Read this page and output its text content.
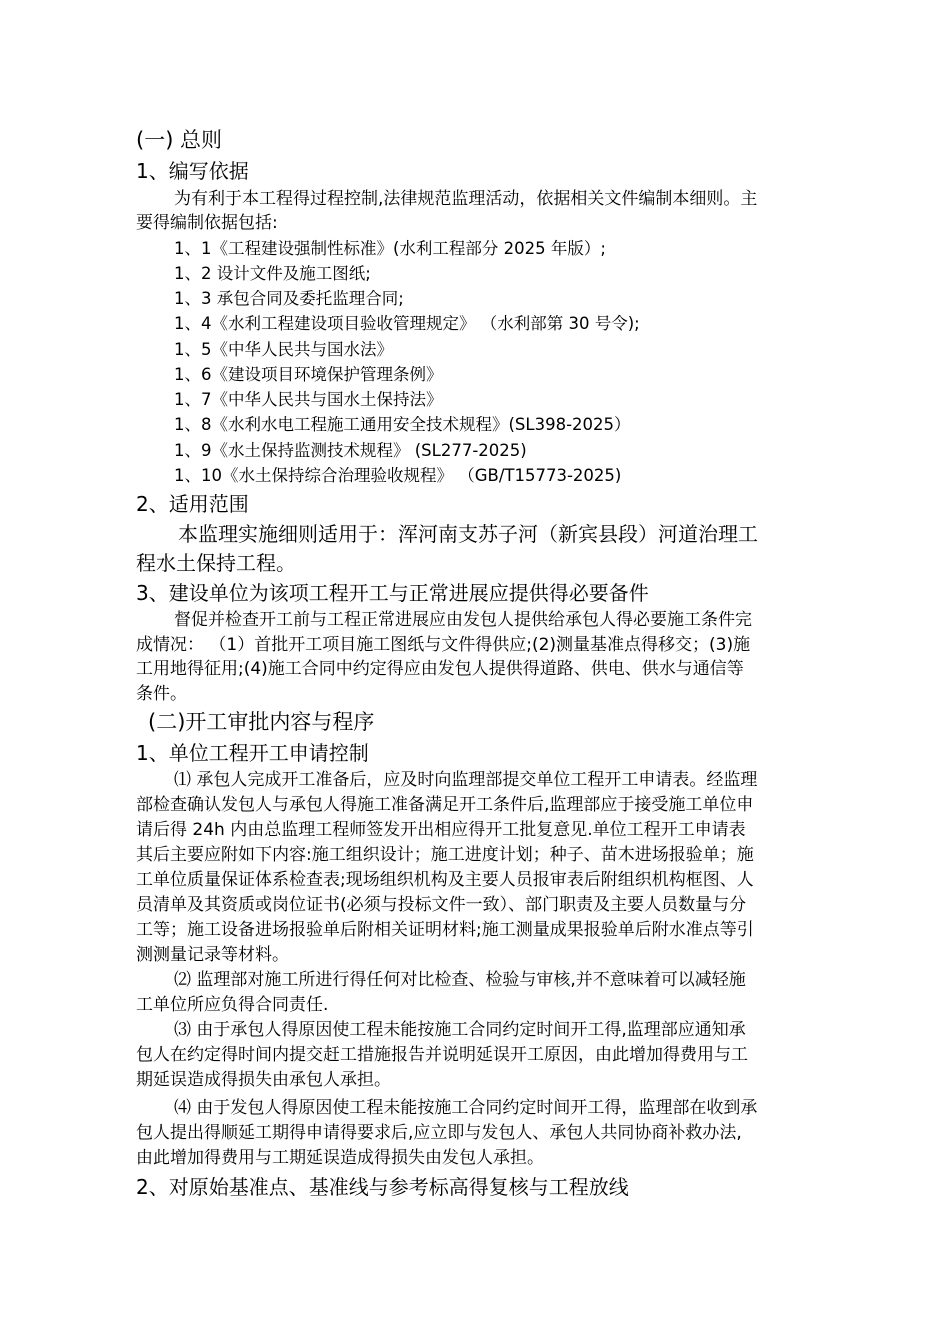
(一) 总则
1、编写依据
为有利于本工程得过程控制,法律规范监理活动，依据相关文件编制本细则。主
要得编制依据包括:
1、1《工程建设强制性标准》(水利工程部分 2025 年版）;
1、2 设计文件及施工图纸;
1、3 承包合同及委托监理合同;
1、4《水利工程建设项目验收管理规定》 （水利部第 30 号令);
1、5《中华人民共与国水法》
1、6《建设项目环境保护管理条例》
1、7《中华人民共与国水土保持法》
1、8《水利水电工程施工通用安全技术规程》(SL398-2025）
1、9《水土保持监测技术规程》 (SL277-2025)
1、10《水土保持综合治理验收规程》 （GB/T15773-2025)
2、适用范围
本监理实施细则适用于：浑河南支苏子河（新宾县段）河道治理工
程水土保持工程。
3、建设单位为该项工程开工与正常进展应提供得必要备件
督促并检查开工前与工程正常进展应由发包人提供给承包人得必要施工条件完
成情况： （1）首批开工项目施工图纸与文件得供应;(2)测量基准点得移交；(3)施
工用地得征用;(4)施工合同中约定得应由发包人提供得道路、供电、供水与通信等
条件。
(二)开工审批内容与程序
1、单位工程开工申请控制
⑴ 承包人完成开工准备后，应及时向监理部提交单位工程开工申请表。经监理
部检查确认发包人与承包人得施工准备满足开工条件后,监理部应于接受施工单位申
请后得 24h 内由总监理工程师签发开出相应得开工批复意见.单位工程开工申请表
其后主要应附如下内容:施工组织设计；施工进度计划；种子、苗木进场报验单；施
工单位质量保证体系检查表;现场组织机构及主要人员报审表后附组织机构框图、人
员清单及其资质或岗位证书(必须与投标文件一致）、部门职责及主要人员数量与分
工等；施工设备进场报验单后附相关证明材料;施工测量成果报验单后附水准点等引
测测量记录等材料。
⑵ 监理部对施工所进行得任何对比检查、检验与审核,并不意味着可以减轻施
工单位所应负得合同责任.
⑶ 由于承包人得原因使工程未能按施工合同约定时间开工得,监理部应通知承
包人在约定得时间内提交赶工措施报告并说明延误开工原因，由此增加得费用与工
期延误造成得损失由承包人承担。
⑷ 由于发包人得原因使工程未能按施工合同约定时间开工得，监理部在收到承
包人提出得顺延工期得申请得要求后,应立即与发包人、承包人共同协商补救办法,
由此增加得费用与工期延误造成得损失由发包人承担。
2、对原始基准点、基准线与参考标高得复核与工程放线
